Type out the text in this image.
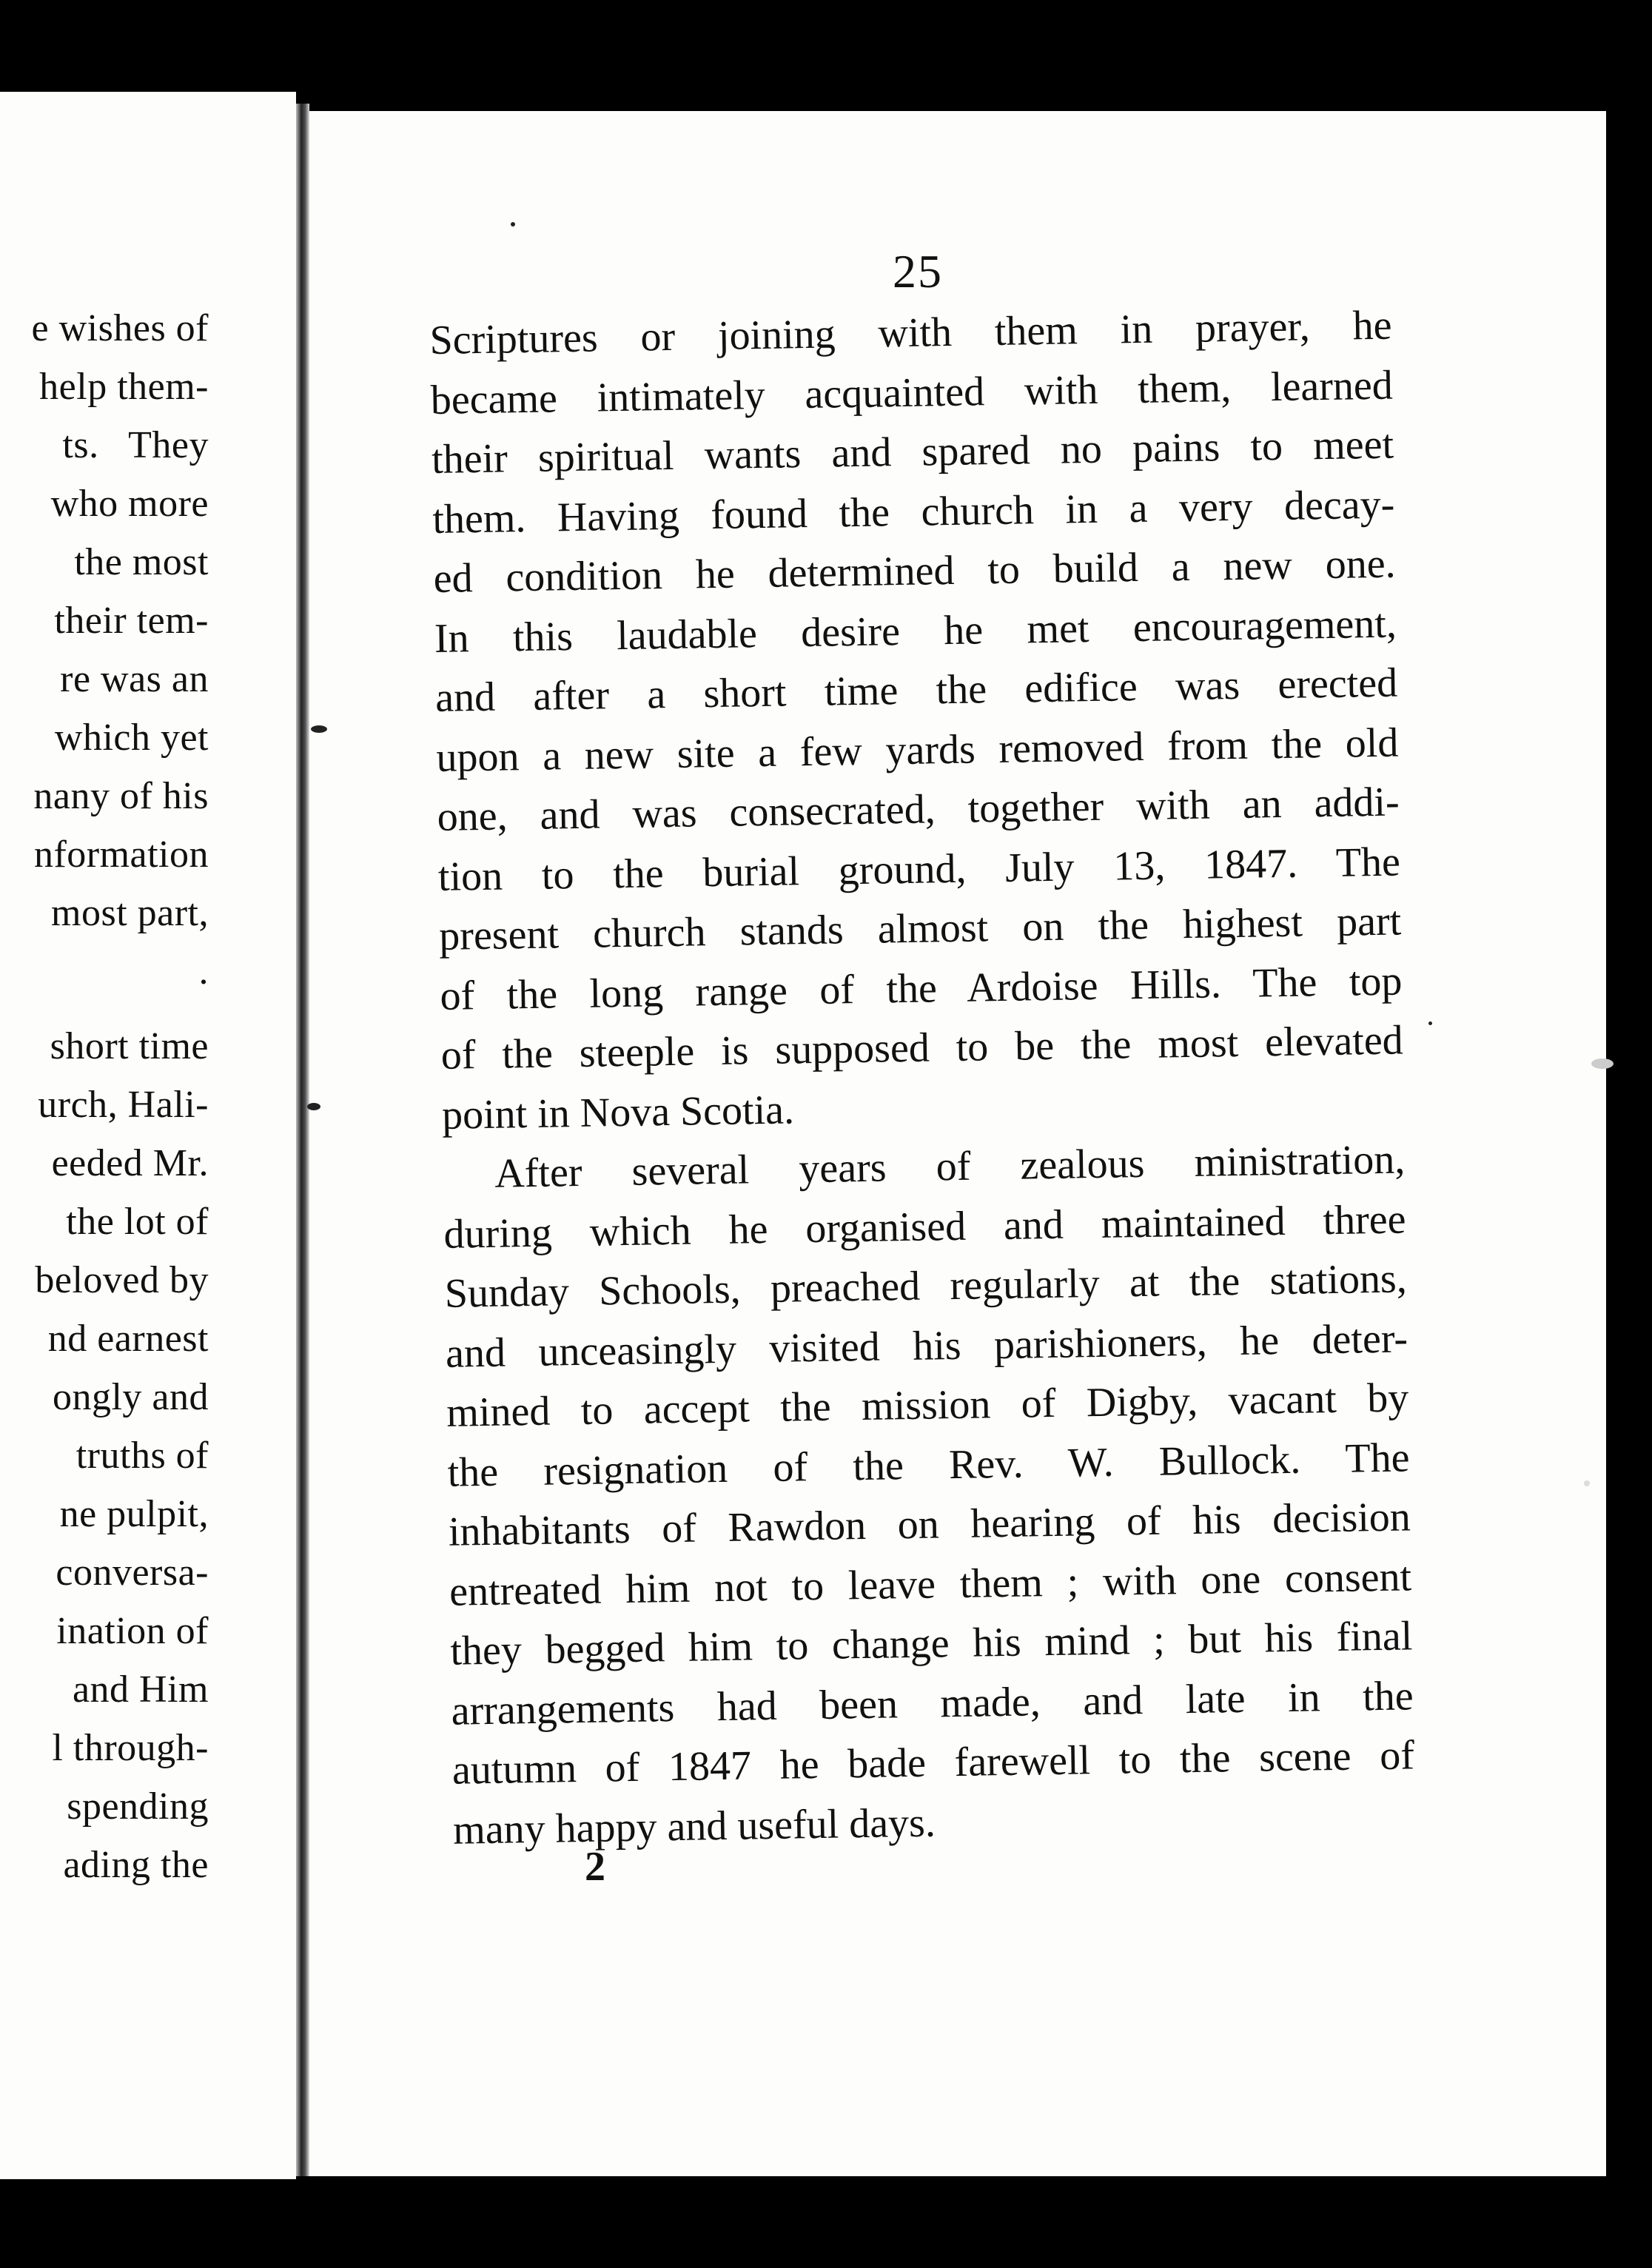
e wishes of
help them-
ts.   They
who more
the most
their tem-
re was an
which yet
nany of his
nformation
most part,
.
short time
urch, Hali-
eeded Mr.
the lot of
beloved by
nd earnest
ongly and
truths of
ne pulpit,
conversa-
ination of
and Him
l through-
spending
ading the
25
Scriptures or joining with them in prayer, he
became intimately acquainted with them, learned
their spiritual wants and spared no pains to meet
them. Having found the church in a very decay-
ed condition he determined to build a new one.
In this laudable desire he met encouragement,
and after a short time the edifice was erected
upon a new site a few yards removed from the old
one, and was consecrated, together with an addi-
tion to the burial ground, July 13, 1847. The
present church stands almost on the highest part
of the long range of the Ardoise Hills. The top
of the steeple is supposed to be the most elevated
point in Nova Scotia.
After several years of zealous ministration,
during which he organised and maintained three
Sunday Schools, preached regularly at the stations,
and unceasingly visited his parishioners, he deter-
mined to accept the mission of Digby, vacant by
the resignation of the Rev. W. Bullock. The
inhabitants of Rawdon on hearing of his decision
entreated him not to leave them ; with one consent
they begged him to change his mind ; but his final
arrangements had been made, and late in the
autumn of 1847 he bade farewell to the scene of
many happy and useful days.
2
